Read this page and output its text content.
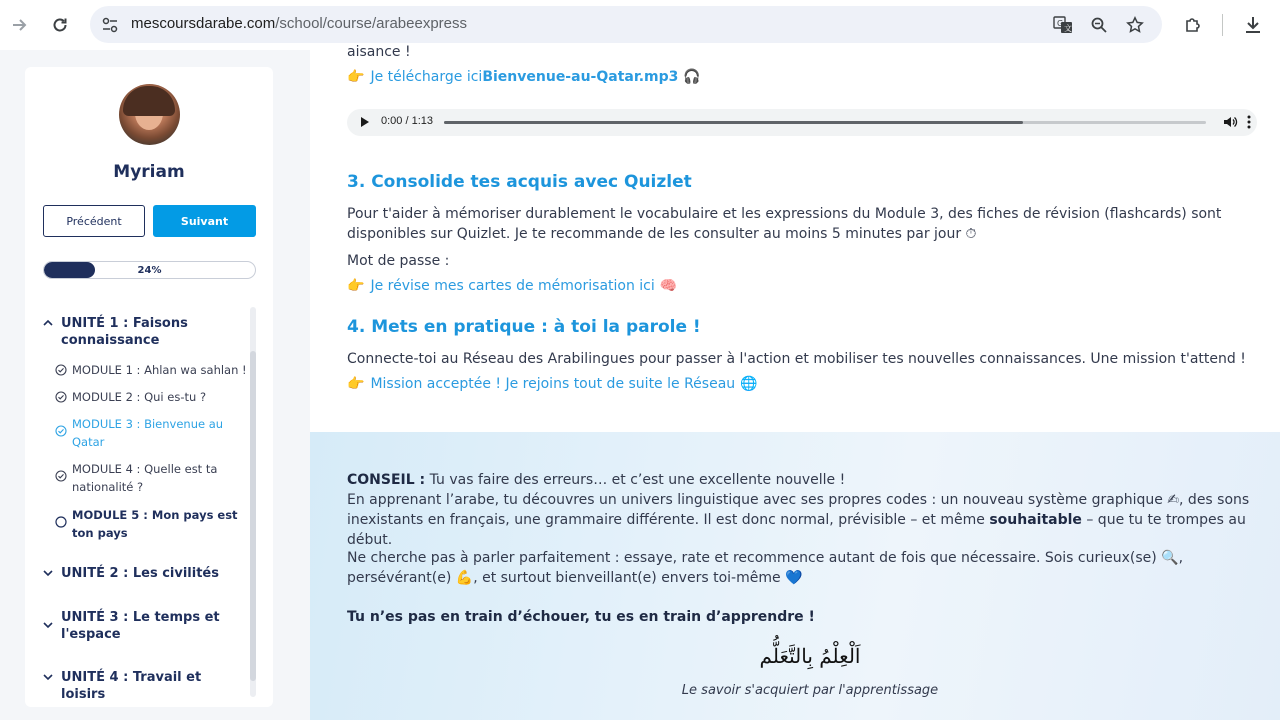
mescoursdarabe.com/school/course/arabeexpress	G
文
Myriam
Précédent	Suivant
24%
UNITÉ 1 : Faisons connaissance
MODULE 1 : Ahlan wa sahlan !
MODULE 2 : Qui es-tu ?
MODULE 3 : Bienvenue au Qatar
MODULE 4 : Quelle est ta nationalité ?
MODULE 5 : Mon pays est ton pays
UNITÉ 2 : Les civilités
UNITÉ 3 : Le temps et l'espace
UNITÉ 4 : Travail et loisirs
aisance !
👉 Je télécharge ici Bienvenue-au-Qatar.mp3 🎧
0:00 / 1:13
3. Consolide tes acquis avec Quizlet
Pour t'aider à mémoriser durablement le vocabulaire et les expressions du Module 3, des fiches de révision (flashcards) sont disponibles sur Quizlet. Je te recommande de les consulter au moins 5 minutes par jour ⏱
Mot de passe :
👉 Je révise mes cartes de mémorisation ici 🧠
4. Mets en pratique : à toi la parole !
Connecte-toi au Réseau des Arabilingues pour passer à l'action et mobiliser tes nouvelles connaissances. Une mission t'attend !
👉 Mission acceptée ! Je rejoins tout de suite le Réseau 🌐
CONSEIL : Tu vas faire des erreurs… et c’est une excellente nouvelle !
En apprenant l’arabe, tu découvres un univers linguistique avec ses propres codes : un nouveau système graphique ✍, des sons inexistants en français, une grammaire différente. Il est donc normal, prévisible – et même souhaitable – que tu te trompes au début.
Ne cherche pas à parler parfaitement : essaye, rate et recommence autant de fois que nécessaire. Sois curieux(se) 🔍, persévérant(e) 💪, et surtout bienveillant(e) envers toi-même 💙
Tu n’es pas en train d’échouer, tu es en train d’apprendre !
اَلْعِلْمُ بِالتَّعَلُّم
Le savoir s'acquiert par l'apprentissage
